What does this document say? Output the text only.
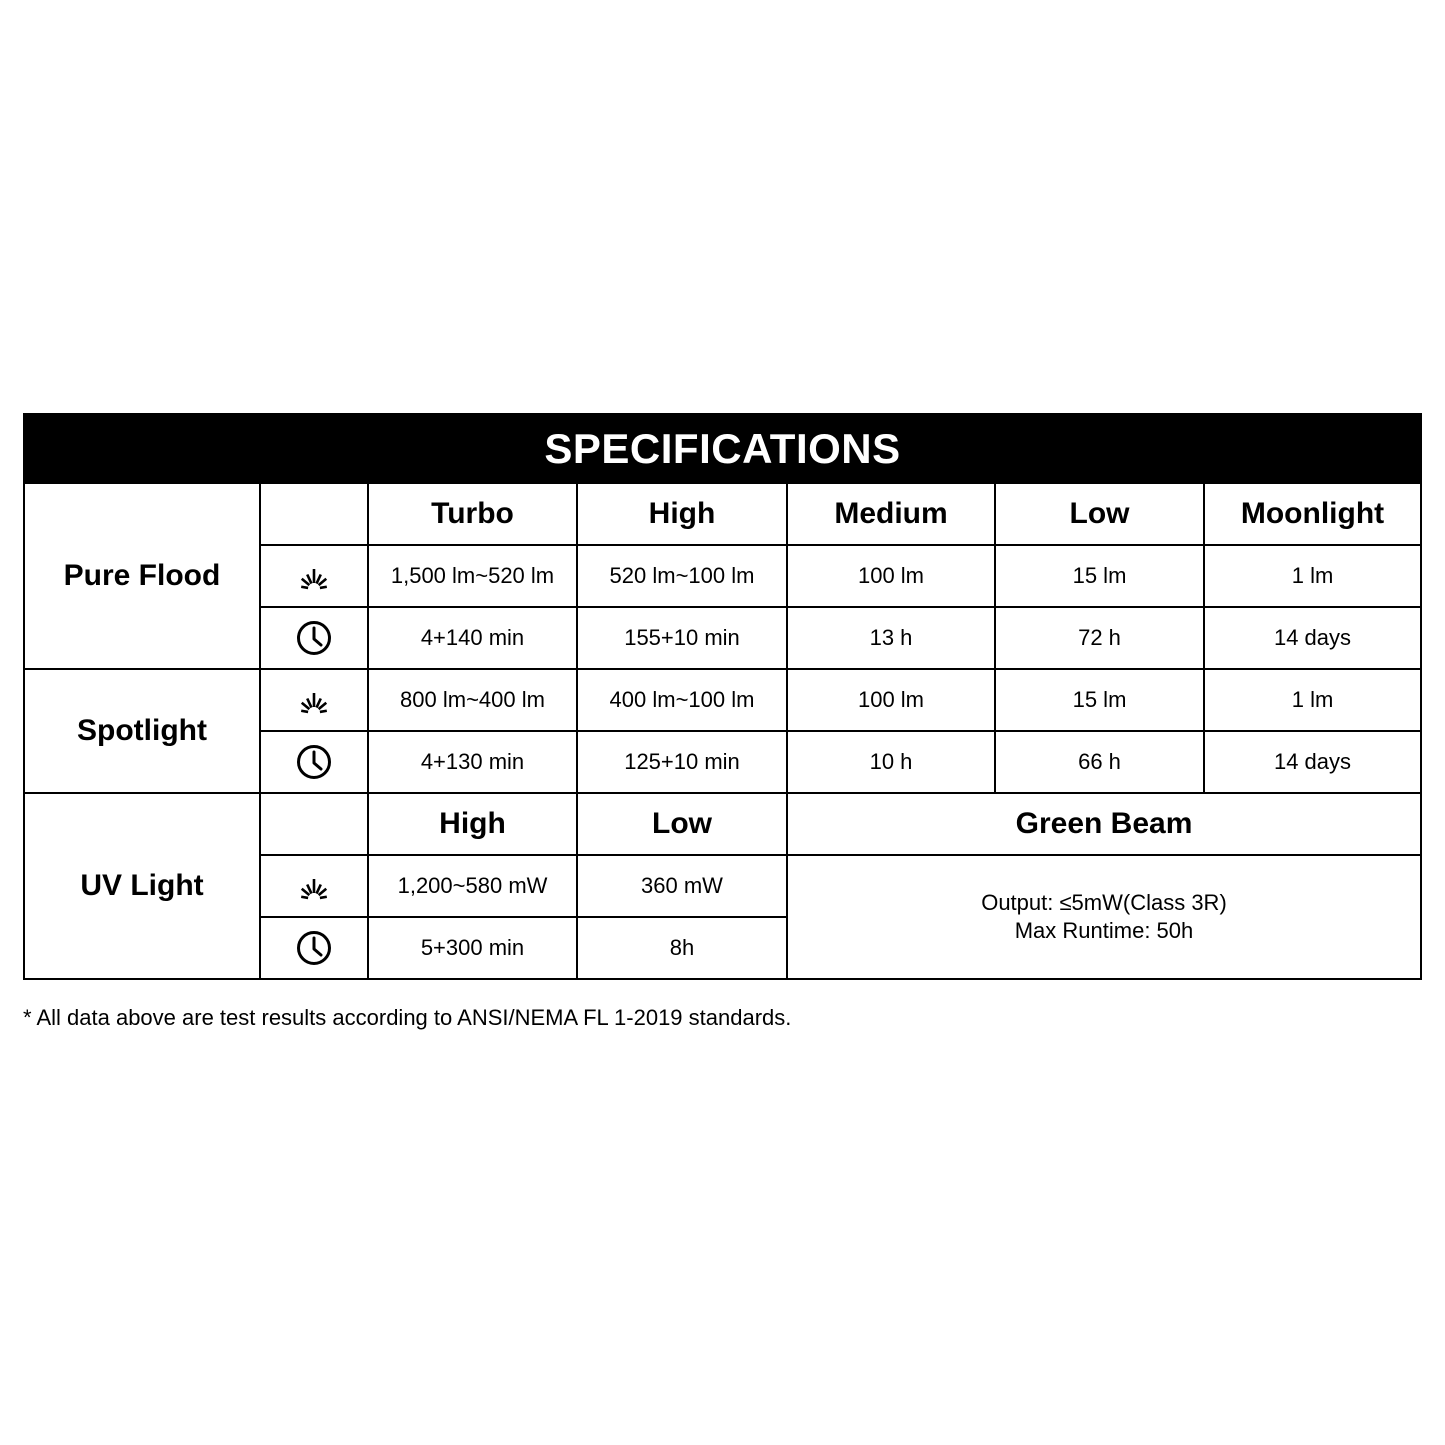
SPECIFICATIONS						
Pure Flood		Turbo	High	Medium	Low	Moonlight

	1,500 lm~520 lm	520 lm~100 lm	100 lm	15 lm	1 lm

	4+140 min	155+10 min	13 h	72 h	14 days
Spotlight		800 lm~400 lm	400 lm~100 lm	100 lm	15 lm	1 lm

	4+130 min	125+10 min	10 h	66 h	14 days
UV Light		High	Low	Green Beam		

	1,200~580 mW	360 mW	Output: ≤5mW(Class 3R)
Max Runtime: 50h		

	5+300 min	8h			

* All data above are test results according to ANSI/NEMA FL 1-2019 standards.
